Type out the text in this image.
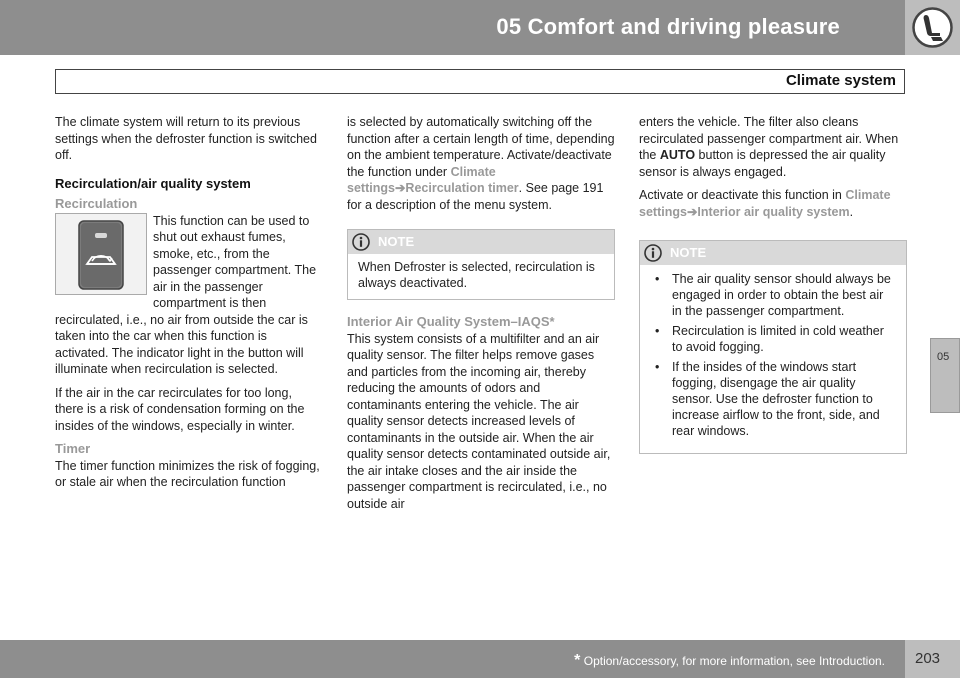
05 Comfort and driving pleasure
Climate system
05

The climate system will return to its previous settings when the defroster function is switched off.

Recirculation/air quality system
Recirculation

This function can be used to shut out exhaust fumes, smoke, etc., from the passenger compartment. The air in the passenger compartment is then recirculated, i.e., no air from outside the car is taken into the car when this function is activated. The indicator light in the button will illuminate when recirculation is selected.

If the air in the car recirculates for too long, there is a risk of condensation forming on the insides of the windows, especially in winter.

Timer

The timer function minimizes the risk of fogging, or stale air when the recirculation function

is selected by automatically switching off the function after a certain length of time, depending on the ambient temperature. Activate/deactivate the function under Climate settings➔Recirculation timer. See page 191 for a description of the menu system.

NOTE
When Defroster is selected, recirculation is always deactivated.
Interior Air Quality System–IAQS*

This system consists of a multifilter and an air quality sensor. The filter helps remove gases and particles from the incoming air, thereby reducing the amounts of odors and contaminants entering the vehicle. The air quality sensor detects increased levels of contaminants in the outside air. When the air quality sensor detects contaminated outside air, the air intake closes and the air inside the passenger compartment is recirculated, i.e., no outside air

enters the vehicle. The filter also cleans recirculated passenger compartment air. When the AUTO button is depressed the air quality sensor is always engaged.

Activate or deactivate this function in Climate settings➔Interior air quality system.

NOTE
• The air quality sensor should always be engaged in order to obtain the best air in the passenger compartment.
• Recirculation is limited in cold weather to avoid fogging.
• If the insides of the windows start fogging, disengage the air quality sensor. Use the defroster function to increase airflow to the front, side, and rear windows.
* Option/accessory, for more information, see Introduction. 203
